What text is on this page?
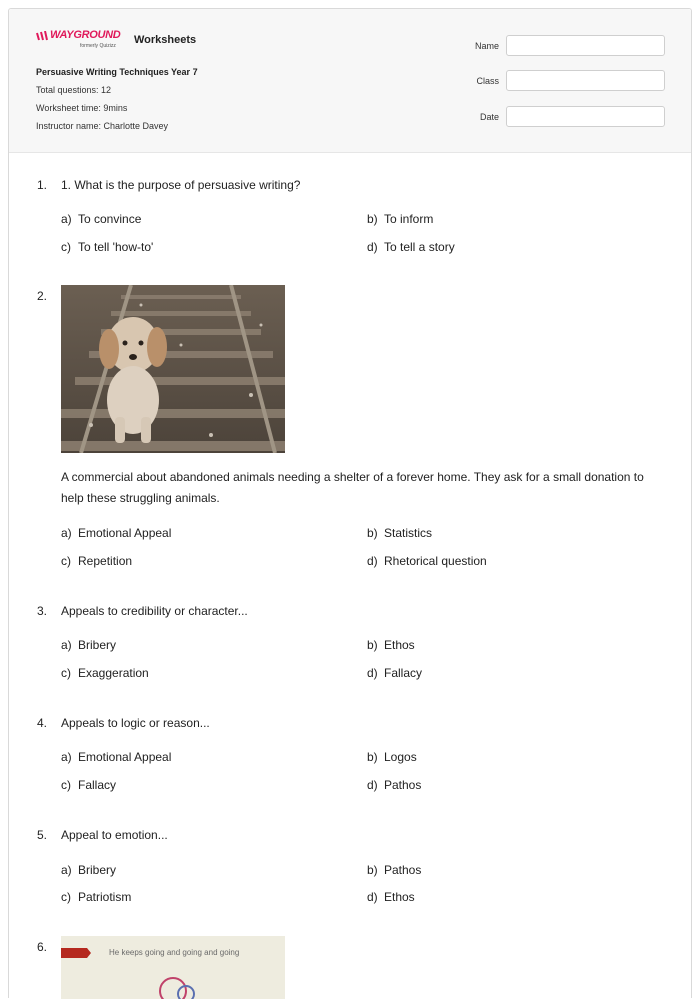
WAYGROUND
formerly Quizizz Worksheets
Persuasive Writing Techniques Year 7
Total questions: 12
Worksheet time: 9mins
Instructor name: Charlotte Davey
Name
Class
Date
1. 1. What is the purpose of persuasive writing?
a) To convince	b) To inform
c) To tell 'how-to'	d) To tell a story
2.
A commercial about abandoned animals needing a shelter of a forever home. They ask for a small donation to help these struggling animals.
a) Emotional Appeal	b) Statistics
c) Repetition	d) Rhetorical question
3. Appeals to credibility or character...
a) Bribery	b) Ethos
c) Exaggeration	d) Fallacy
4. Appeals to logic or reason...
a) Emotional Appeal	b) Logos
c) Fallacy	d) Pathos
5. Appeal to emotion...
a) Bribery	b) Pathos
c) Patriotism	d) Ethos
6.	He keeps going and going and going
